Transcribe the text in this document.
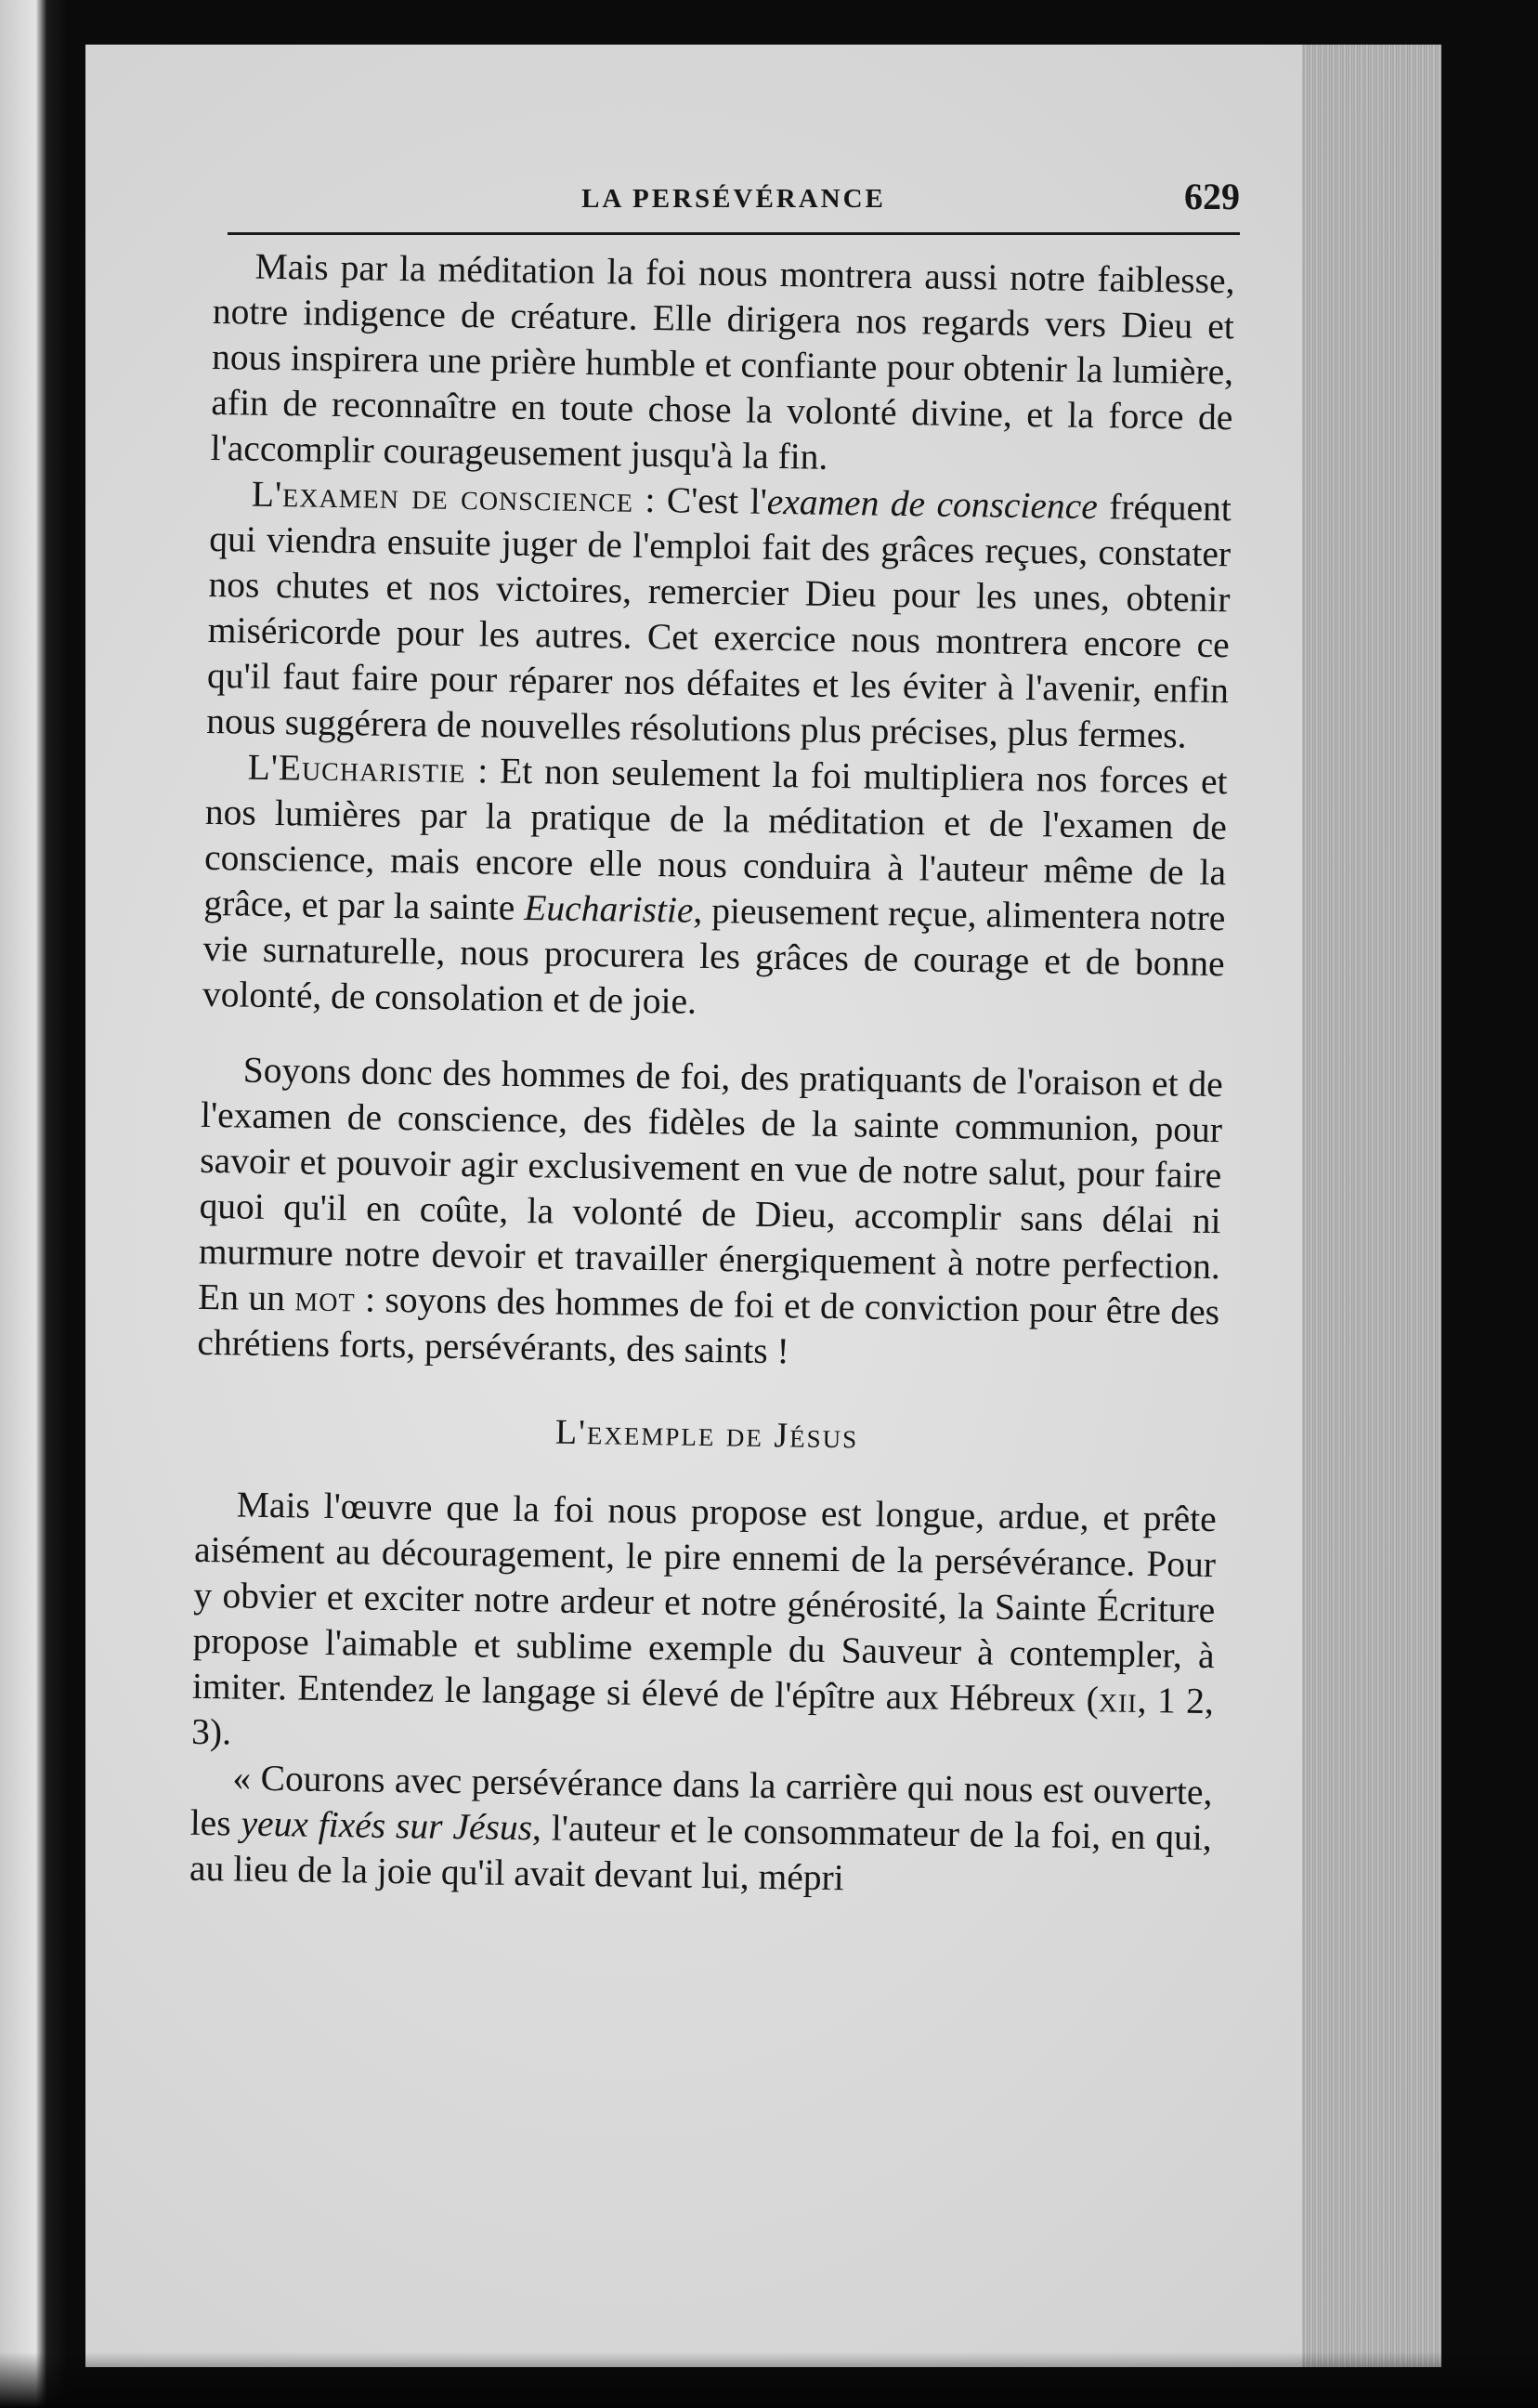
LA PERSÉVÉRANCE	629

Mais par la méditation la foi nous montrera aussi notre faiblesse, notre indigence de créature. Elle dirigera nos regards vers Dieu et nous inspirera une prière humble et confiante pour obtenir la lumière, afin de reconnaître en toute chose la volonté divine, et la force de l'accomplir courageusement jusqu'à la fin.

L'examen de conscience : C'est l'examen de conscience fréquent qui viendra ensuite juger de l'emploi fait des grâces reçues, constater nos chutes et nos victoires, remercier Dieu pour les unes, obtenir miséricorde pour les autres. Cet exercice nous montrera encore ce qu'il faut faire pour réparer nos défaites et les éviter à l'avenir, enfin nous suggérera de nouvelles résolutions plus précises, plus fermes.

L'Eucharistie : Et non seulement la foi multipliera nos forces et nos lumières par la pratique de la méditation et de l'examen de conscience, mais encore elle nous conduira à l'auteur même de la grâce, et par la sainte Eucharistie, pieusement reçue, alimentera notre vie surnaturelle, nous procurera les grâces de courage et de bonne volonté, de consolation et de joie.

Soyons donc des hommes de foi, des pratiquants de l'oraison et de l'examen de conscience, des fidèles de la sainte communion, pour savoir et pouvoir agir exclusivement en vue de notre salut, pour faire quoi qu'il en coûte, la volonté de Dieu, accomplir sans délai ni murmure notre devoir et travailler énergiquement à notre perfection. En un mot : soyons des hommes de foi et de conviction pour être des chrétiens forts, persévérants, des saints !

L'exemple de Jésus

Mais l'œuvre que la foi nous propose est longue, ardue, et prête aisément au découragement, le pire ennemi de la persévérance. Pour y obvier et exciter notre ardeur et notre générosité, la Sainte Écriture propose l'aimable et sublime exemple du Sauveur à contempler, à imiter. Entendez le langage si élevé de l'épître aux Hébreux (xii, 1 2, 3).

« Courons avec persévérance dans la carrière qui nous est ouverte, les yeux fixés sur Jésus, l'auteur et le consommateur de la foi, en qui, au lieu de la joie qu'il avait devant lui, mépri
